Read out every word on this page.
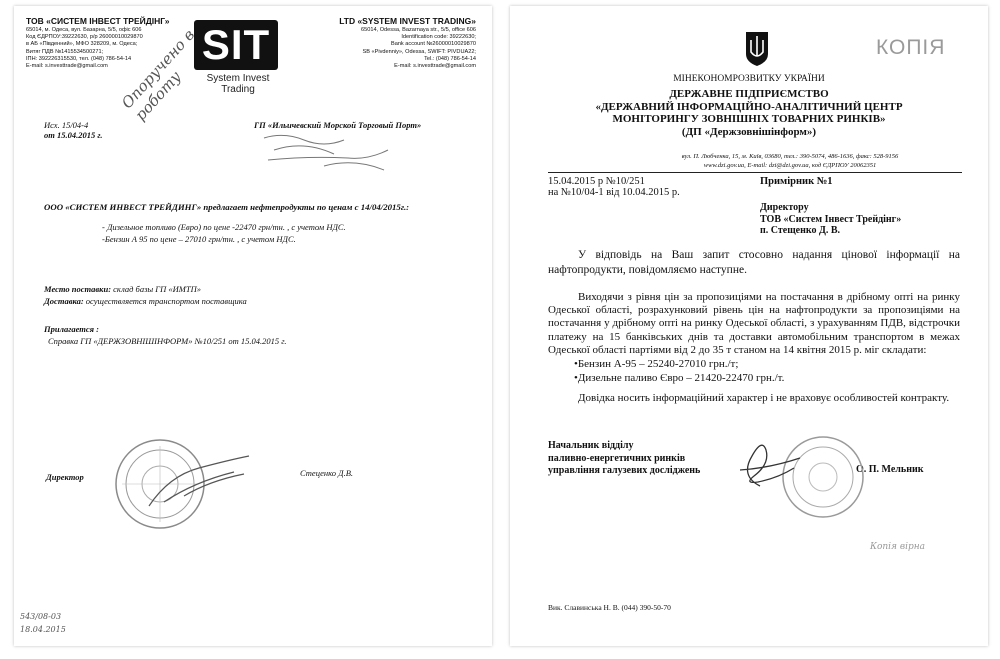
ТОВ «СИСТЕМ ІНВЕСТ ТРЕЙДІНГ»
65014, м. Одеса, вул. Базарна, 5/5, офіс 606
Код ЄДРПОУ:39222630, р/р 26000010029870
в АБ «Південний», МФО 328209, м. Одеса;
Витяг ПДВ №1415534500271;
ІПН: 392226315530, тел. (048) 786-54-14
E-mail: s.investtrade@gmail.com	SIT
System Invest Trading
LTD «SYSTEM INVEST TRADING»
65014, Odessa, Bazarnaya str., 5/5, office 606
Identification code: 39222630;
Bank account №26000010029870
SB «Pivdenniy», Odessa, SWIFT: PIVDUA22;
Tel.: (048) 786-54-14
E-mail: s.investtrade@gmail.com
Исх. 15/04-4
от 15.04.2015 г.
ГП «Ильичевский Морской Торговый Порт»
Опоручено в роботу
ООО «СИСТЕМ ИНВЕСТ ТРЕЙДИНГ» предлагает нефтепродукты по ценам с 14/04/2015г.:
- Дизельное топливо (Евро) по цене -22470 грн/тн. , с учетом НДС.
-Бензин А 95 по цене – 27010 грн/тн. , с учетом НДС.
Место поставки: склад базы ГП «ИМТП»
Доставка: осуществляется транспортом поставщика
Прилагается :
Справка ГП «ДЕРЖЗОВНІШІНФОРМ» №10/251 от 15.04.2015 г.
Директор	Стеценко Д.В.
543/08-03
18.04.2015
КОПІЯ
МІНЕКОНОМРОЗВИТКУ УКРАЇНИ
ДЕРЖАВНЕ ПІДПРИЄМСТВО
«ДЕРЖАВНИЙ ІНФОРМАЦІЙНО-АНАЛІТИЧНИЙ ЦЕНТР
МОНІТОРИНГУ ЗОВНІШНІХ ТОВАРНИХ РИНКІВ»
(ДП «Держзовнішінформ»)
вул. П. Любченка, 15, м. Київ, 03680, тел.: 390-5074, 486-1636, факс: 528-9156
www.dzi.gov.ua, E-mail: dzi@dzi.gov.ua, код ЄДРПОУ 20062351
15.04.2015 р №10/251
на №10/04-1 від 10.04.2015 р.
Примірник №1
Директору
ТОВ «Систем Інвест Трейдінг»
п. Стещенко Д. В.
У відповідь на Ваш запит стосовно надання цінової інформації на нафтопродукти, повідомляємо наступне.
Виходячи з рівня цін за пропозиціями на постачання в дрібному опті на ринку Одеської області, розрахунковий рівень цін на нафтопродукти за пропозиціями на постачання у дрібному опті на ринку Одеської області, з урахуванням ПДВ, відстрочки платежу на 15 банківських днів та доставки автомобільним транспортом в межах Одеської області партіями від 2 до 35 т станом на 14 квітня 2015 р. міг складати:
•Бензин А-95 – 25240-27010 грн./т;
•Дизельне паливо Євро – 21420-22470 грн./т.
Довідка носить інформаційний характер і не враховує особливостей контракту.
Начальник відділу
паливно-енергетичних ринків
управління галузевих досліджень	О. П. Мельник
Копія вірна
Вик. Славинська Н. В. (044) 390-50-70
